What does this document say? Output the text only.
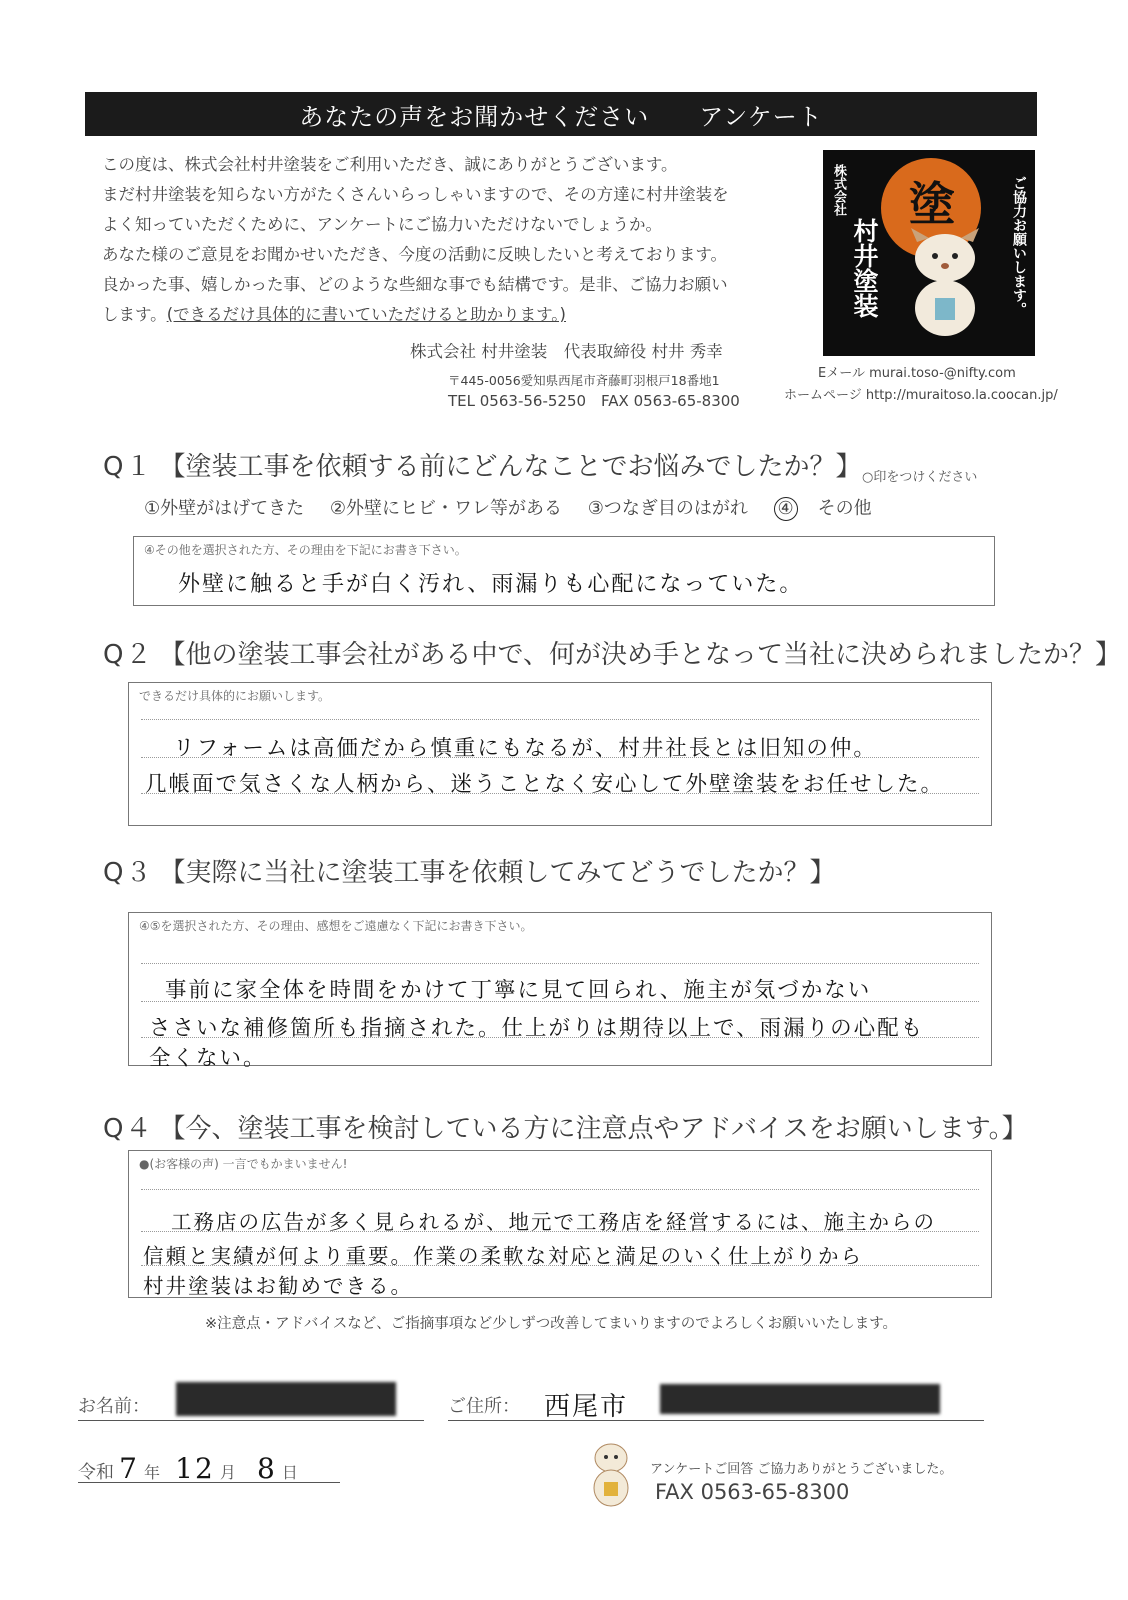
あなたの声をお聞かせください アンケート

この度は、株式会社村井塗装をご利用いただき、誠にありがとうございます。

まだ村井塗装を知らない方がたくさんいらっしゃいますので、その方達に村井塗装を

よく知っていただくために、アンケートにご協力いただけないでしょうか。

あなた様のご意見をお聞かせいただき、今度の活動に反映したいと考えております。

良かった事、嬉しかった事、どのような些細な事でも結構です。是非、ご協力お願い

します。(できるだけ具体的に書いていただけると助かります。)

株式会社 村井塗装　代表取締役 村井 秀幸
〒445-0056愛知県西尾市斉藤町羽根戸18番地1
TEL 0563-56-5250　FAX 0563-65-8300
Eメール murai.toso-@nifty.com
ホームページ http://muraitoso.la.coocan.jp/
株式会社
村井塗装	ご協力お願いします。
塗
Q１ 【塗装工事を依頼する前にどんなことでお悩みでしたか？】 ○印をつけください
①外壁がはげてきた ②外壁にヒビ・ワレ等がある ③つなぎ目のはがれ ④ その他
④その他を選択された方、その理由を下記にお書き下さい。
外壁に触ると手が白く汚れ、雨漏りも心配になっていた。
Q２ 【他の塗装工事会社がある中で、何が決め手となって当社に決められましたか？】
できるだけ具体的にお願いします。
リフォームは高価だから慎重にもなるが、村井社長とは旧知の仲。
几帳面で気さくな人柄から、迷うことなく安心して外壁塗装をお任せした。
Q３ 【実際に当社に塗装工事を依頼してみてどうでしたか？】
④⑤を選択された方、その理由、感想をご遠慮なく下記にお書き下さい。
事前に家全体を時間をかけて丁寧に見て回られ、施主が気づかない
ささいな補修箇所も指摘された。仕上がりは期待以上で、雨漏りの心配も
全くない。
Q４ 【今、塗装工事を検討している方に注意点やアドバイスをお願いします。】
●(お客様の声) 一言でもかまいません!
工務店の広告が多く見られるが、地元で工務店を経営するには、施主からの
信頼と実績が何より重要。作業の柔軟な対応と満足のいく仕上がりから
村井塗装はお勧めできる。
※注意点・アドバイスなど、ご指摘事項など少しずつ改善してまいりますのでよろしくお願いいたします。
お名前：	ご住所： 西尾市
令和 7 年 12 月 8 日	アンケートご回答 ご協力ありがとうございました。
FAX 0563-65-8300
